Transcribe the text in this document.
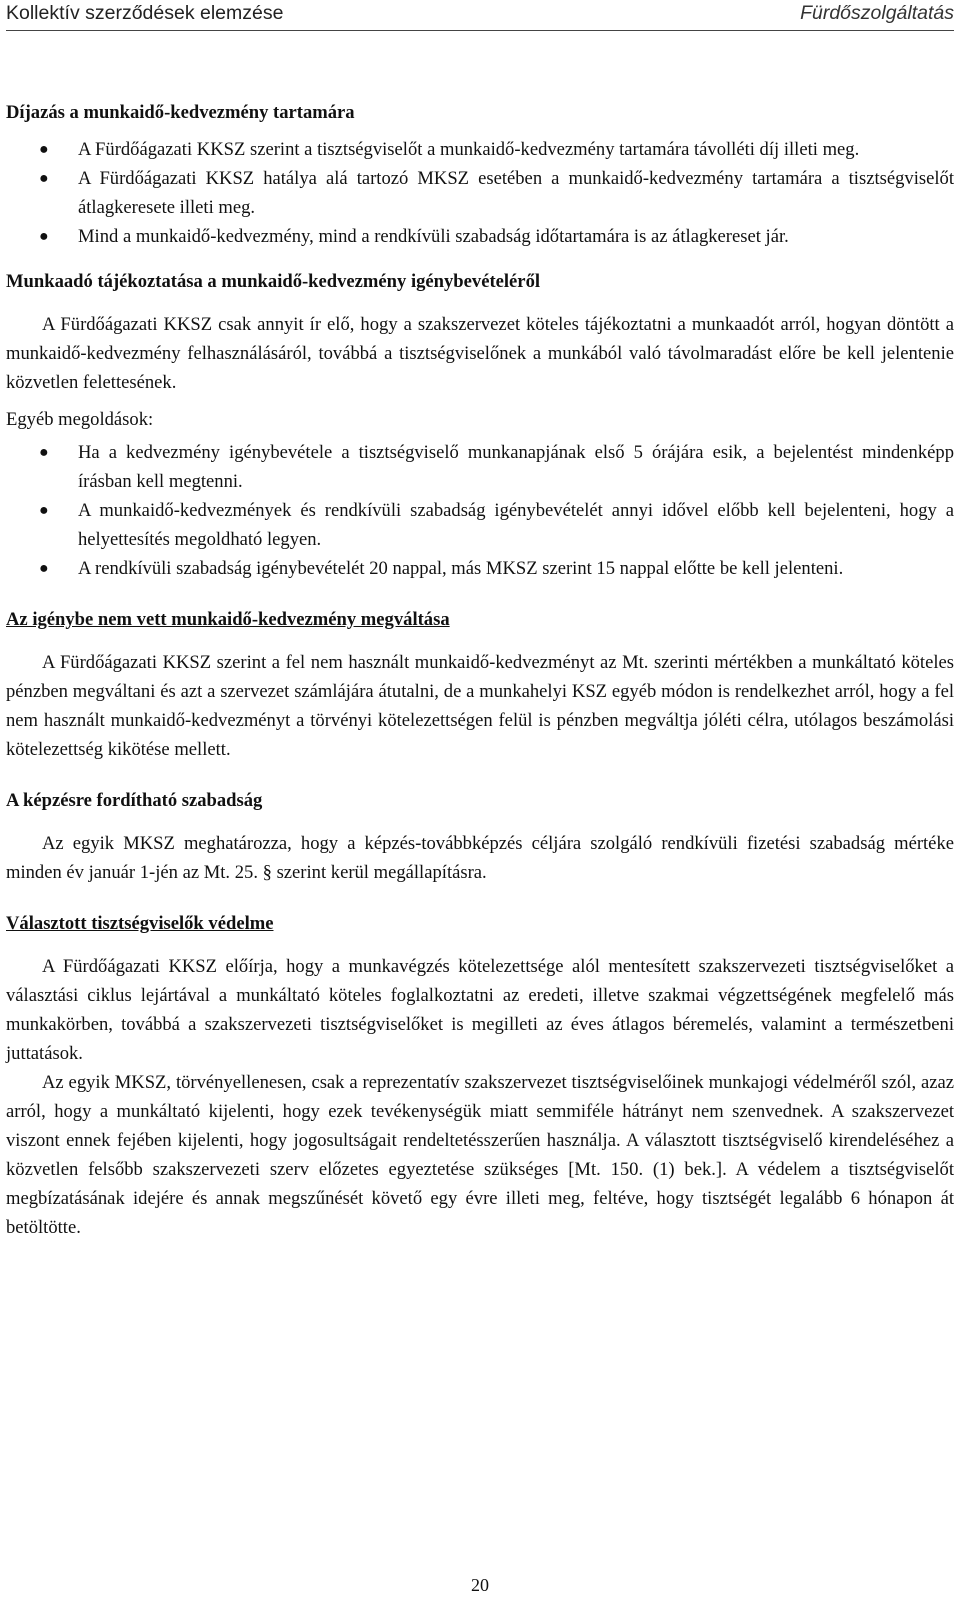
Kollektív szerződések elemzése	Fürdőszolgáltatás
Díjazás a munkaidő-kedvezmény tartamára
● A Fürdőágazati KKSZ szerint a tisztségviselőt a munkaidő-kedvezmény tartamára távolléti díj illeti meg.
● A Fürdőágazati KKSZ hatálya alá tartozó MKSZ esetében a munkaidő-kedvezmény tartamára a tisztségviselőt átlagkeresete illeti meg.
● Mind a munkaidő-kedvezmény, mind a rendkívüli szabadság időtartamára is az átlagkereset jár.
Munkaadó tájékoztatása a munkaidő-kedvezmény igénybevételéről

A Fürdőágazati KKSZ csak annyit ír elő, hogy a szakszervezet köteles tájékoztatni a munkaadót arról, hogyan döntött a munkaidő-kedvezmény felhasználásáról, továbbá a tisztségviselőnek a munkából való távolmaradást előre be kell jelentenie közvetlen felettesének.

Egyéb megoldások:

● Ha a kedvezmény igénybevétele a tisztségviselő munkanapjának első 5 órájára esik, a bejelentést mindenképp írásban kell megtenni.
● A munkaidő-kedvezmények és rendkívüli szabadság igénybevételét annyi idővel előbb kell bejelenteni, hogy a helyettesítés megoldható legyen.
● A rendkívüli szabadság igénybevételét 20 nappal, más MKSZ szerint 15 nappal előtte be kell jelenteni.
Az igénybe nem vett munkaidő-kedvezmény megváltása

A Fürdőágazati KKSZ szerint a fel nem használt munkaidő-kedvezményt az Mt. szerinti mértékben a munkáltató köteles pénzben megváltani és azt a szervezet számlájára átutalni, de a munkahelyi KSZ egyéb módon is rendelkezhet arról, hogy a fel nem használt munkaidő-kedvezményt a törvényi kötelezettségen felül is pénzben megváltja jóléti célra, utólagos beszámolási kötelezettség kikötése mellett.

A képzésre fordítható szabadság

Az egyik MKSZ meghatározza, hogy a képzés-továbbképzés céljára szolgáló rendkívüli fizetési szabadság mértéke minden év január 1-jén az Mt. 25. § szerint kerül megállapításra.

Választott tisztségviselők védelme

A Fürdőágazati KKSZ előírja, hogy a munkavégzés kötelezettsége alól mentesített szakszervezeti tisztségviselőket a választási ciklus lejártával a munkáltató köteles foglalkoztatni az eredeti, illetve szakmai végzettségének megfelelő más munkakörben, továbbá a szakszervezeti tisztségviselőket is megilleti az éves átlagos béremelés, valamint a természetbeni juttatások.

Az egyik MKSZ, törvényellenesen, csak a reprezentatív szakszervezet tisztségviselőinek munkajogi védelméről szól, azaz arról, hogy a munkáltató kijelenti, hogy ezek tevékenységük miatt semmiféle hátrányt nem szenvednek. A szakszervezet viszont ennek fejében kijelenti, hogy jogosultságait rendeltetésszerűen használja. A választott tisztségviselő kirendeléséhez a közvetlen felsőbb szakszervezeti szerv előzetes egyeztetése szükséges [Mt. 150. (1) bek.]. A védelem a tisztségviselőt megbízatásának idejére és annak megszűnését követő egy évre illeti meg, feltéve, hogy tisztségét legalább 6 hónapon át betöltötte.

20
